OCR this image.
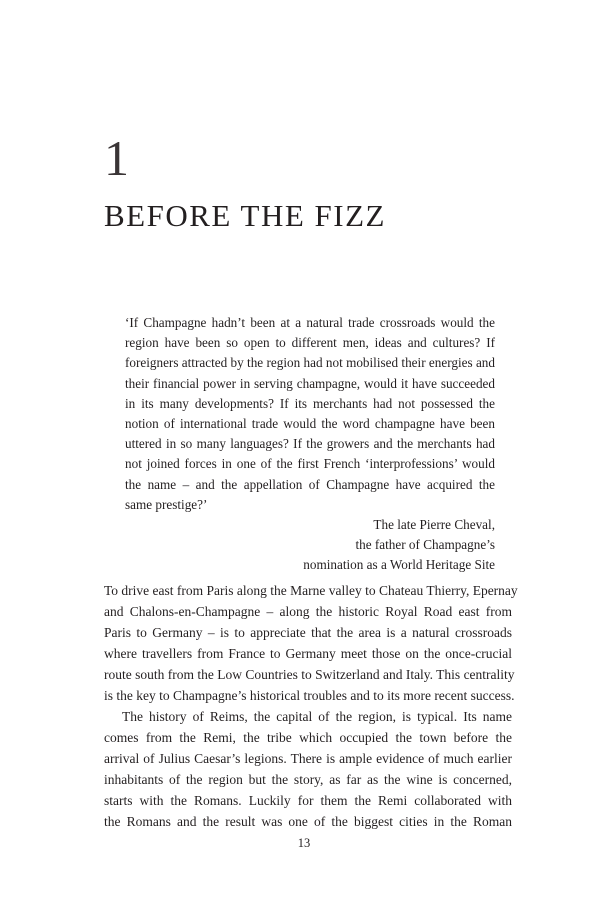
1
BEFORE THE FIZZ
‘If Champagne hadn’t been at a natural trade crossroads would the
region have been so open to different men, ideas and cultures? If
foreigners attracted by the region had not mobilised their energies and
their financial power in serving champagne, would it have succeeded
in its many developments? If its merchants had not possessed the
notion of international trade would the word champagne have been
uttered in so many languages? If the growers and the merchants had
not joined forces in one of the first French ‘interprofessions’ would
the name – and the appellation of Champagne have acquired the
same prestige?’
The late Pierre Cheval,
the father of Champagne’s
nomination as a World Heritage Site
To drive east from Paris along the Marne valley to Chateau Thierry, Epernay
and Chalons-en-Champagne – along the historic Royal Road east from
Paris to Germany – is to appreciate that the area is a natural crossroads
where travellers from France to Germany meet those on the once-crucial
route south from the Low Countries to Switzerland and Italy. This centrality
is the key to Champagne’s historical troubles and to its more recent success.
The history of Reims, the capital of the region, is typical. Its name
comes from the Remi, the tribe which occupied the town before the
arrival of Julius Caesar’s legions. There is ample evidence of much earlier
inhabitants of the region but the story, as far as the wine is concerned,
starts with the Romans. Luckily for them the Remi collaborated with
the Romans and the result was one of the biggest cities in the Roman
13
